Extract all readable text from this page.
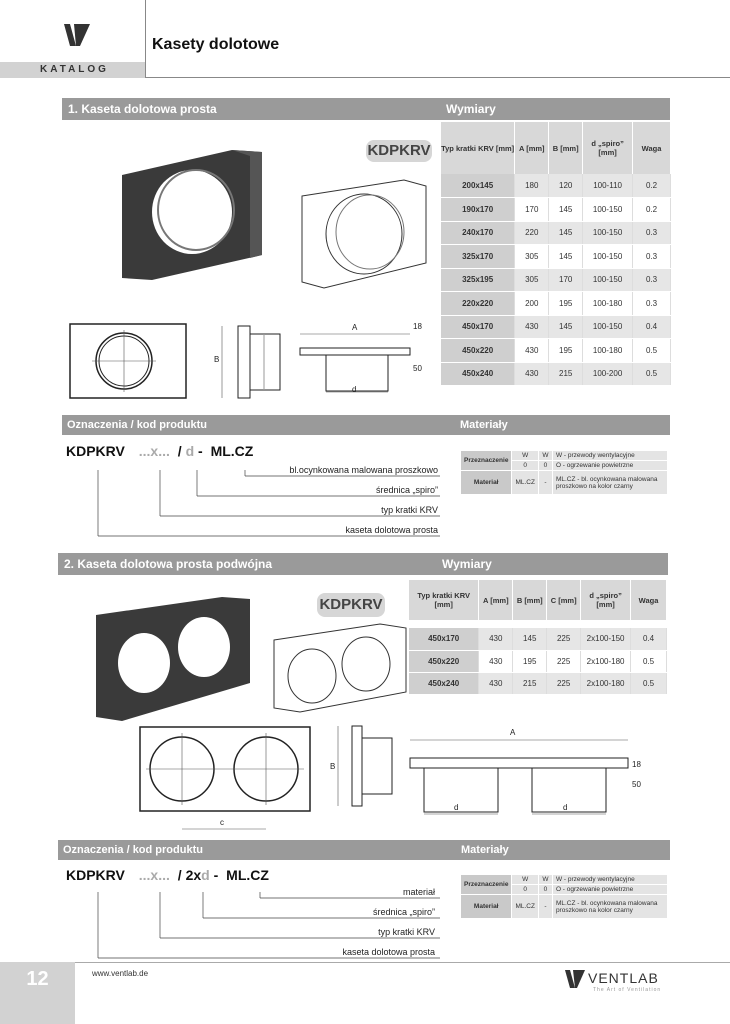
KATALOG
Kasety dolotowe
1. Kaseta dolotowa prosta	Wymiary
KDPKRV Typ kratki KRV [mm]	A [mm]	B [mm]	d „spiro” [mm]	Waga
200x145	180	120	100-110	0.2
190x170	170	145	100-150	0.2
240x170	220	145	100-150	0.3
325x170	305	145	100-150	0.3
325x195	305	170	100-150	0.3
220x220	200	195	100-180	0.3
450x170	430	145	100-150	0.4
450x220	430	195	100-180	0.5
450x240	430	215	100-200	0.5
B
A
d
18
50
Oznaczenia / kod produktu	Materiały
KDPKRV ...x... / d - ML.CZ
bl.ocynkowana malowana proszkowo
średnica „spiro”
typ kratki KRV
kaseta dolotowa prosta
Przeznaczenie	W	W	W - przewody wentylacyjne
	0	0	O - ogrzewanie powietrzne
Materiał	ML.CZ	-	ML.CZ - bl. ocynkowana malowana proszkowo na kolor czarny
2. Kaseta dolotowa prosta podwójna	Wymiary
KDPKRV
Typ kratki KRV [mm]	A [mm]	B [mm]	C [mm]	d „spiro” [mm]	Waga

450x170	430	145	225	2x100-150	0.4
450x220	430	195	225	2x100-180	0.5
450x240	430	215	225	2x100-180	0.5
c
B
A
d	d
18
50
Oznaczenia / kod produktu	Materiały
KDPKRV ...x... / 2xd - ML.CZ
materiał
średnica „spiro”
typ kratki KRV
kaseta dolotowa prosta
Przeznaczenie	W	W	W - przewody wentylacyjne
	0	0	O - ogrzewanie powietrzne
Materiał	ML.CZ	-	ML.CZ - bl. ocynkowana malowana proszkowo na kolor czarny
12	www.ventlab.de	VENTLAB
The Art of Ventilation
